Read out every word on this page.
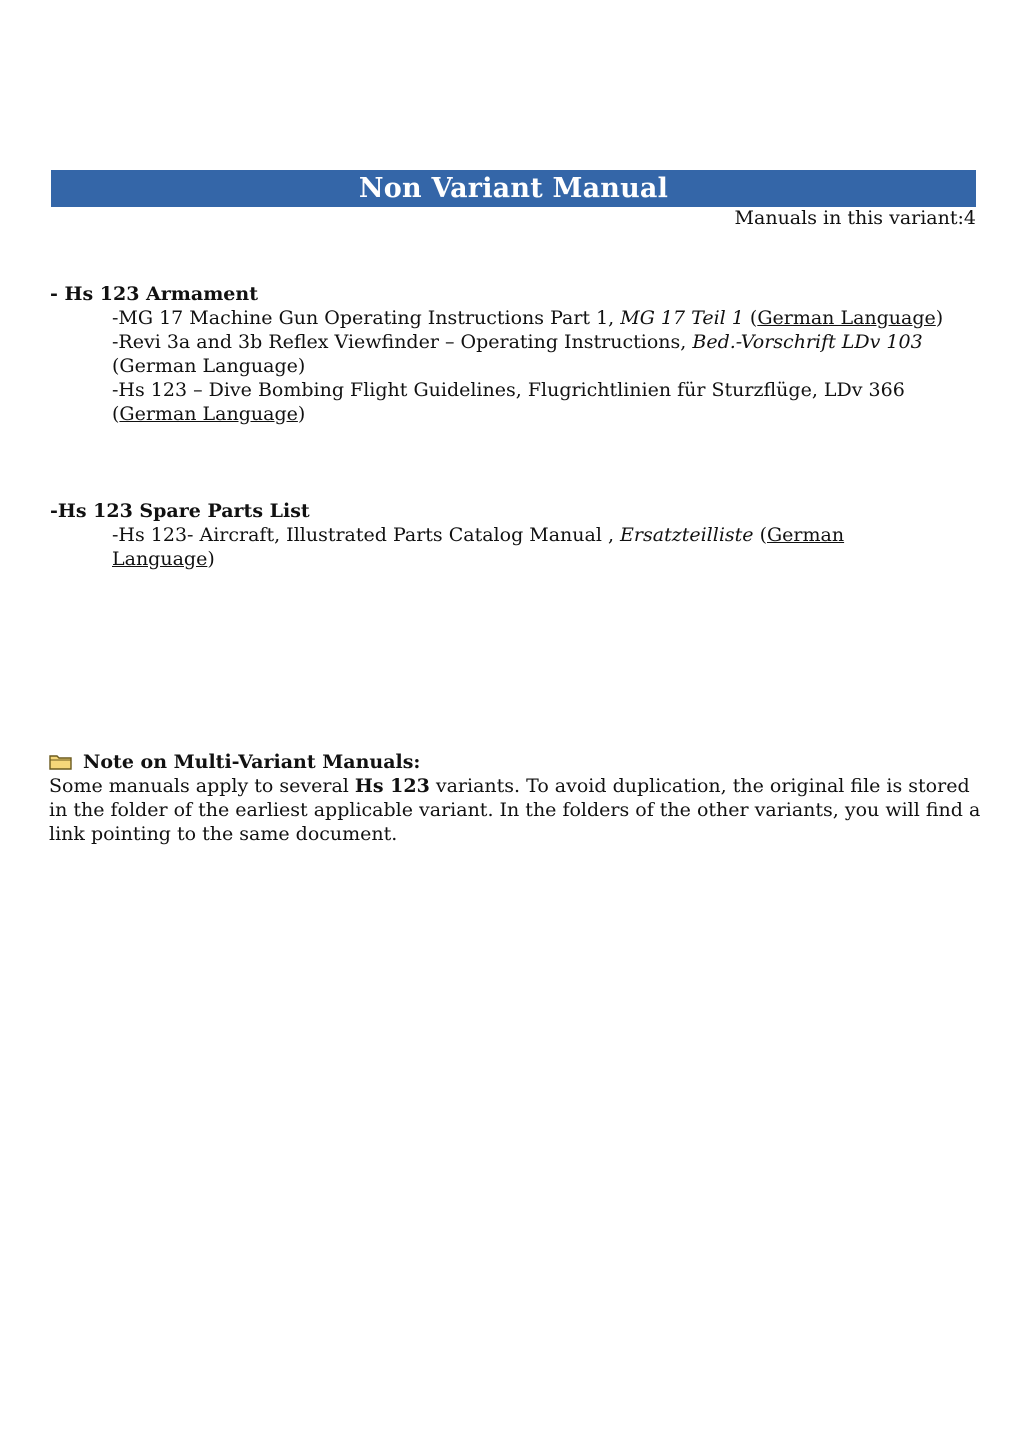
Non Variant Manual
Manuals in this variant:4
- Hs 123 Armament
-MG 17 Machine Gun Operating Instructions Part 1, MG 17 Teil 1 (German Language)
-Revi 3a and 3b Reflex Viewfinder – Operating Instructions, Bed.-Vorschrift LDv 103 (German Language)
-Hs 123 – Dive Bombing Flight Guidelines, Flugrichtlinien für Sturzflüge, LDv 366 (German Language)
-Hs 123 Spare Parts List
-Hs 123- Aircraft, Illustrated Parts Catalog Manual , Ersatzteilliste (German Language)
Note on Multi-Variant Manuals:
Some manuals apply to several Hs 123 variants. To avoid duplication, the original file is stored in the folder of the earliest applicable variant. In the folders of the other variants, you will find a link pointing to the same document.
